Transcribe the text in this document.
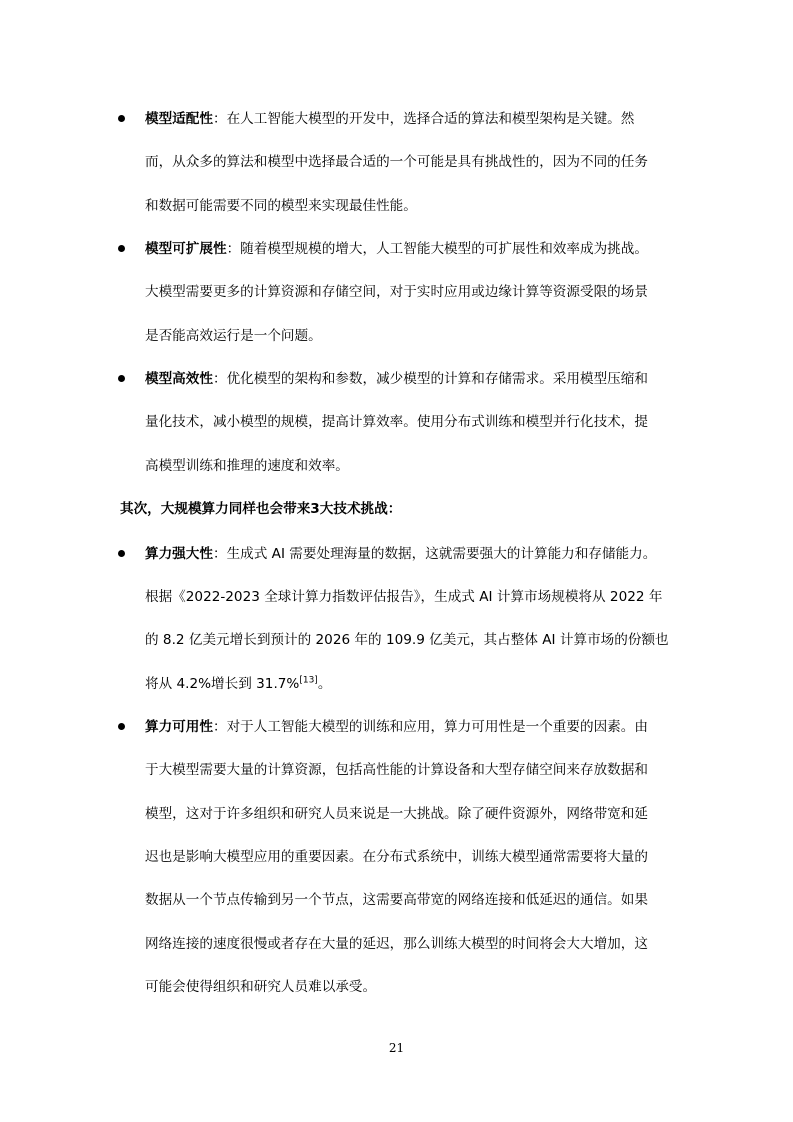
模型适配性：在人工智能大模型的开发中，选择合适的算法和模型架构是关键。然
而，从众多的算法和模型中选择最合适的一个可能是具有挑战性的，因为不同的任务
和数据可能需要不同的模型来实现最佳性能。
模型可扩展性：随着模型规模的增大，人工智能大模型的可扩展性和效率成为挑战。
大模型需要更多的计算资源和存储空间，对于实时应用或边缘计算等资源受限的场景
是否能高效运行是一个问题。
模型高效性：优化模型的架构和参数，减少模型的计算和存储需求。采用模型压缩和
量化技术，减小模型的规模，提高计算效率。使用分布式训练和模型并行化技术，提
高模型训练和推理的速度和效率。
其次，大规模算力同样也会带来3大技术挑战：
算力强大性：生成式 AI 需要处理海量的数据，这就需要强大的计算能力和存储能力。
根据《2022-2023 全球计算力指数评估报告》，生成式 AI 计算市场规模将从 2022 年
的 8.2 亿美元增长到预计的 2026 年的 109.9 亿美元，其占整体 AI 计算市场的份额也
将从 4.2%增长到 31.7%[13]。
算力可用性：对于人工智能大模型的训练和应用，算力可用性是一个重要的因素。由
于大模型需要大量的计算资源，包括高性能的计算设备和大型存储空间来存放数据和
模型，这对于许多组织和研究人员来说是一大挑战。除了硬件资源外，网络带宽和延
迟也是影响大模型应用的重要因素。在分布式系统中，训练大模型通常需要将大量的
数据从一个节点传输到另一个节点，这需要高带宽的网络连接和低延迟的通信。如果
网络连接的速度很慢或者存在大量的延迟，那么训练大模型的时间将会大大增加，这
可能会使得组织和研究人员难以承受。
21
